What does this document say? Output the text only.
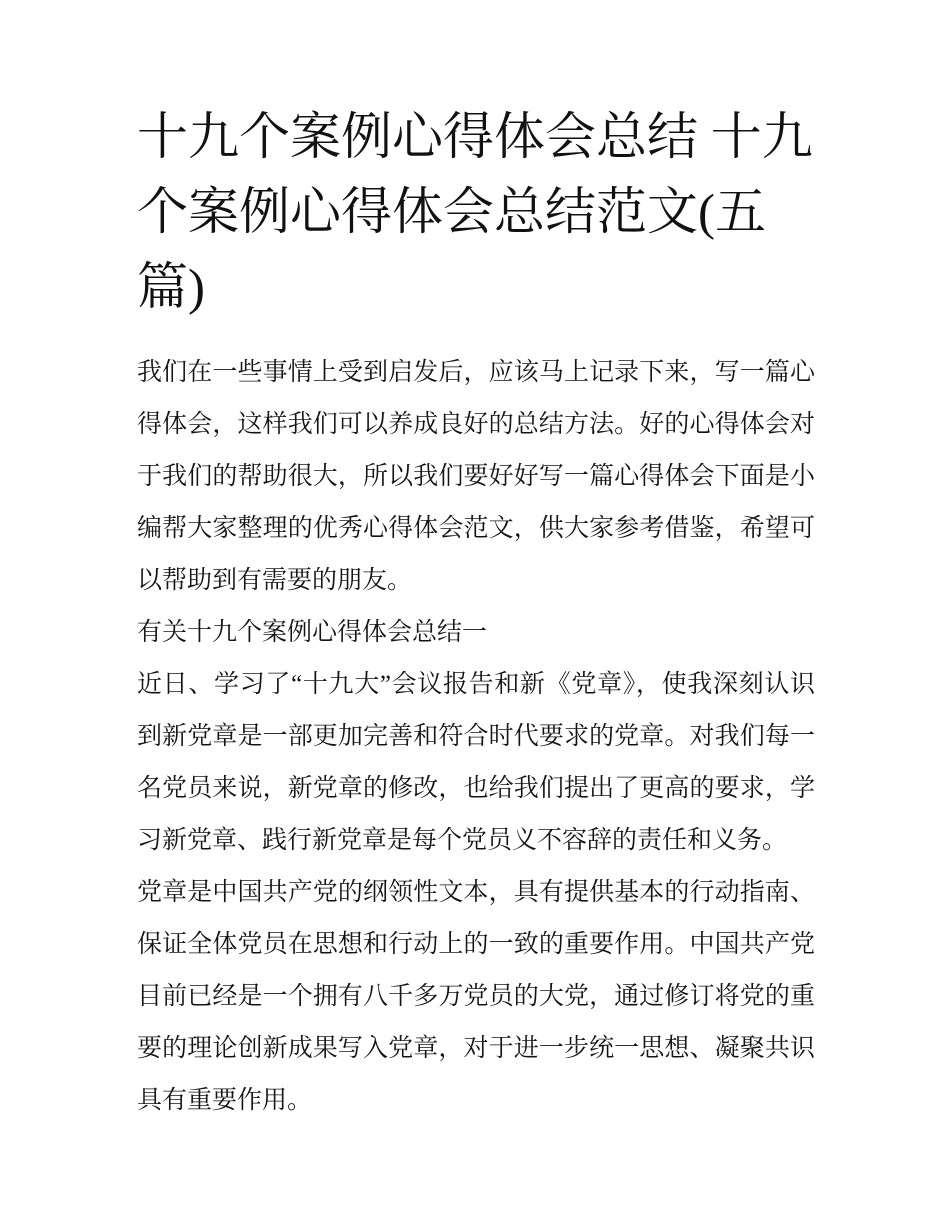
十九个案例心得体会总结 十九个案例心得体会总结范文(五篇)

我们在一些事情上受到启发后，应该马上记录下来，写一篇心得体会，这样我们可以养成良好的总结方法。好的心得体会对于我们的帮助很大，所以我们要好好写一篇心得体会下面是小编帮大家整理的优秀心得体会范文，供大家参考借鉴，希望可以帮助到有需要的朋友。

有关十九个案例心得体会总结一

近日、学习了“十九大”会议报告和新《党章》，使我深刻认识到新党章是一部更加完善和符合时代要求的党章。对我们每一名党员来说，新党章的修改，也给我们提出了更高的要求，学习新党章、践行新党章是每个党员义不容辞的责任和义务。

党章是中国共产党的纲领性文本，具有提供基本的行动指南、保证全体党员在思想和行动上的一致的重要作用。中国共产党目前已经是一个拥有八千多万党员的大党，通过修订将党的重要的理论创新成果写入党章，对于进一步统一思想、凝聚共识具有重要作用。
